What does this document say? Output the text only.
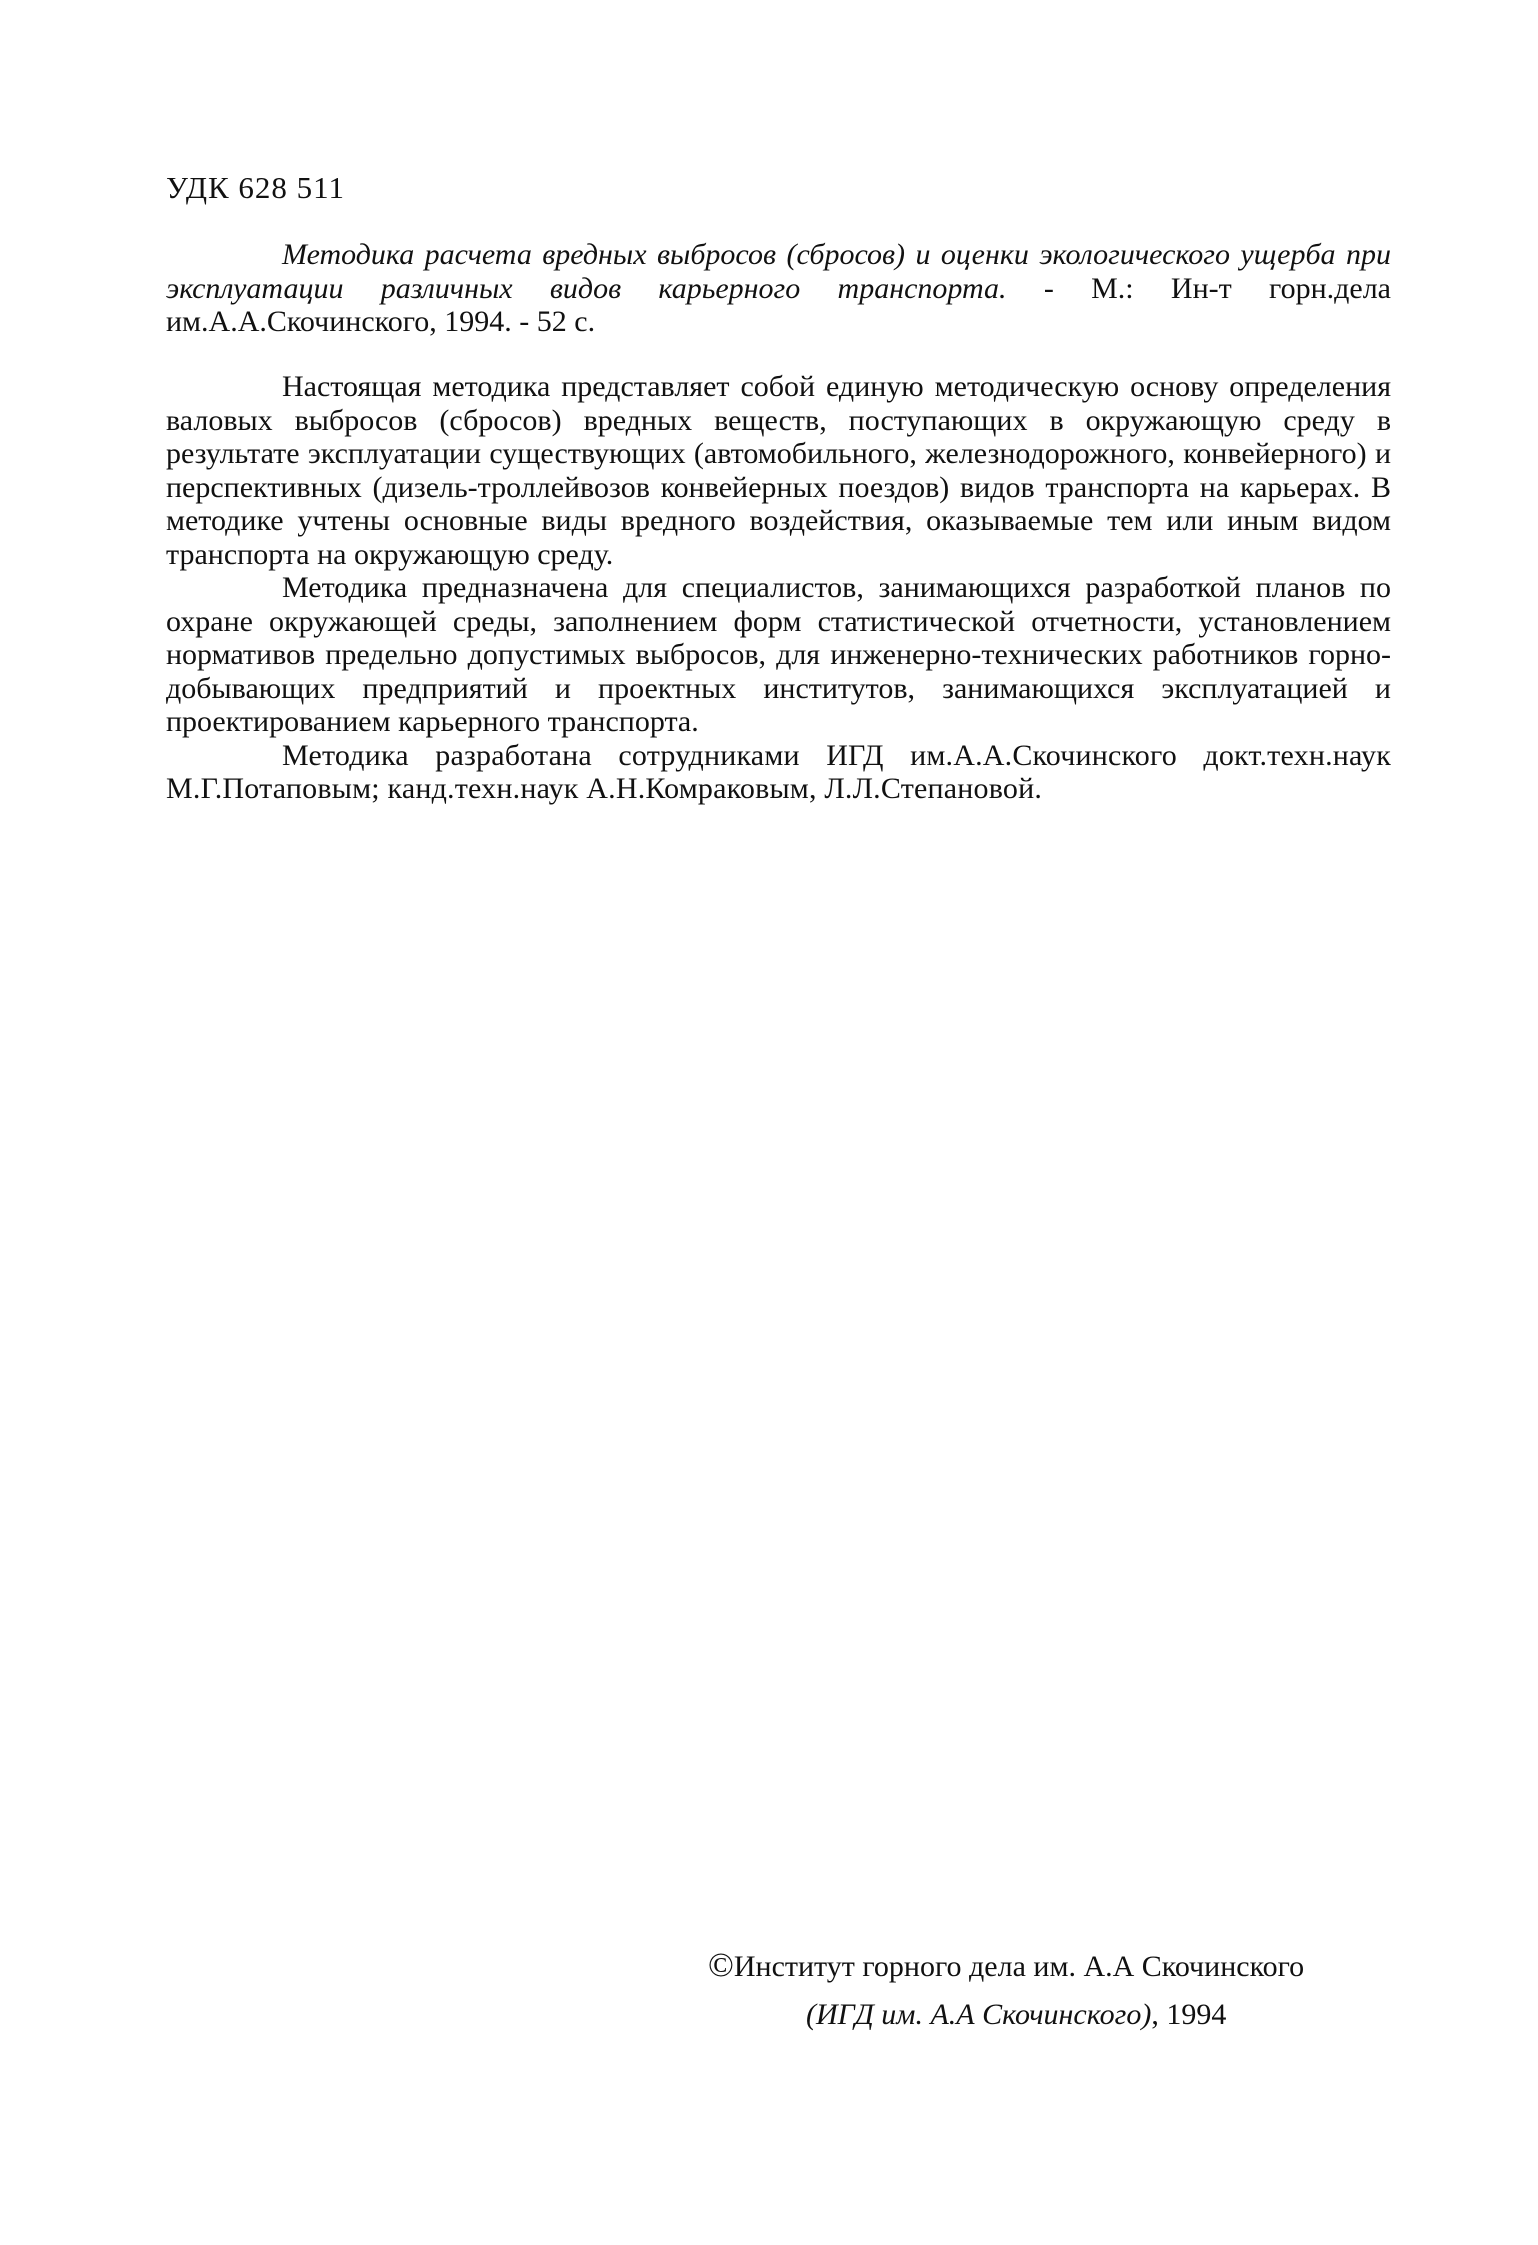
УДК 628 511

Методика расчета вредных выбросов (сбросов) и оценки экологического ущерба при эксплуатации различных видов карьерного транспорта. - М.: Ин-т горн.дела им.А.А.Скочинского, 1994. - 52 с.

Настоящая методика представляет собой единую методическую основу определения валовых выбросов (сбросов) вредных веществ, поступающих в окружающую среду в результате эксплуатации существующих (автомобильного, железнодорожного, конвейерного) и перспективных (дизель-троллейвозов конвейерных поездов) видов транспорта на карьерах. В методике учтены основные виды вредного воздействия, оказываемые тем или иным видом транспорта на окружающую среду.

Методика предназначена для специалистов, занимающихся разработкой планов по охране окружающей среды, заполнением форм статистической отчетности, установлением нормативов предельно допустимых выбросов, для инженерно-технических работников горно-добывающих предприятий и проектных институтов, занимающихся эксплуатацией и проектированием карьерного транспорта.

Методика разработана сотрудниками ИГД им.А.А.Скочинского докт.техн.наук М.Г.Потаповым; канд.техн.наук А.Н.Комраковым, Л.Л.Степановой.

©Институт горного дела им. А.А Скочинского
(ИГД им. А.А Скочинского), 1994
